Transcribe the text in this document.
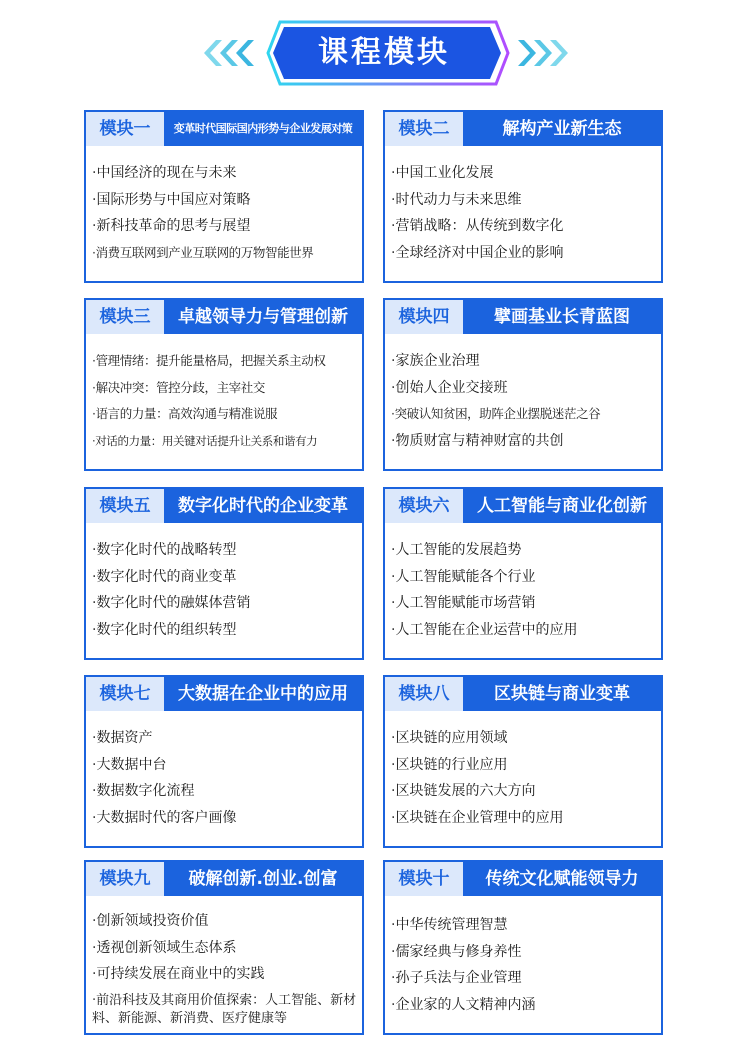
课程模块
模块一	变革时代国际国内形势与企业发展对策
·中国经济的现在与未来
·国际形势与中国应对策略
·新科技革命的思考与展望
·消费互联网到产业互联网的万物智能世界
模块二	解构产业新生态
·中国工业化发展
·时代动力与未来思维
·营销战略：从传统到数字化
·全球经济对中国企业的影响
模块三	卓越领导力与管理创新
·管理情绪：提升能量格局，把握关系主动权
·解决冲突：管控分歧，主宰社交
·语言的力量：高效沟通与精准说服
·对话的力量：用关键对话提升让关系和谐有力
模块四	擘画基业长青蓝图
·家族企业治理
·创始人企业交接班
·突破认知贫困，助阵企业摆脱迷茫之谷
·物质财富与精神财富的共创
模块五	数字化时代的企业变革
·数字化时代的战略转型
·数字化时代的商业变革
·数字化时代的融媒体营销
·数字化时代的组织转型
模块六	人工智能与商业化创新
·人工智能的发展趋势
·人工智能赋能各个行业
·人工智能赋能市场营销
·人工智能在企业运营中的应用
模块七	大数据在企业中的应用
·数据资产
·大数据中台
·数据数字化流程
·大数据时代的客户画像
模块八	区块链与商业变革
·区块链的应用领域
·区块链的行业应用
·区块链发展的六大方向
·区块链在企业管理中的应用
模块九	破解创新.创业.创富
·创新领域投资价值
·透视创新领域生态体系
·可持续发展在商业中的实践
·前沿科技及其商用价值探索：人工智能、新材料、新能源、新消费、医疗健康等
模块十	传统文化赋能领导力
·中华传统管理智慧
·儒家经典与修身养性
·孙子兵法与企业管理
·企业家的人文精神内涵
